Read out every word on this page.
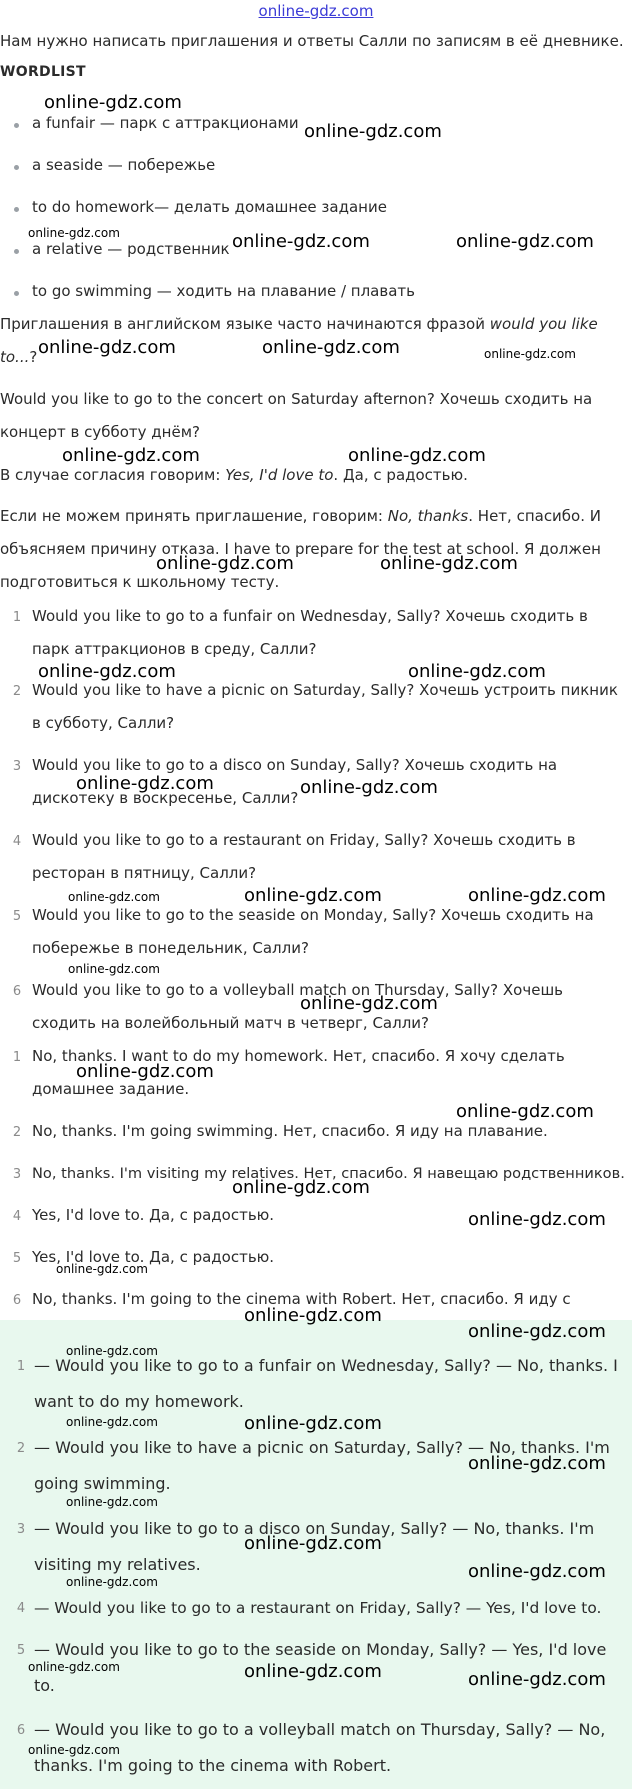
online-gdz.com
Нам нужно написать приглашения и ответы Салли по записям в её дневнике.
WORDLIST
a funfair — парк с аттракционами
a seaside — побережье
to do homework— делать домашнее задание
a relative — родственник
to go swimming — ходить на плавание / плавать
Приглашения в английском языке часто начинаются фразой would you like to...?
Would you like to go to the concert on Saturday afternon? Хочешь сходить на концерт в субботу днём?
В случае согласия говорим: Yes, I'd love to. Да, с радостью.
Если не можем принять приглашение, говорим: No, thanks. Нет, спасибо. И объясняем причину отказа. I have to prepare for the test at school. Я должен подготовиться к школьному тесту.
1 Would you like to go to a funfair on Wednesday, Sally? Хочешь сходить в парк аттракционов в среду, Салли?
2 Would you like to have a picnic on Saturday, Sally? Хочешь устроить пикник в субботу, Салли?
3 Would you like to go to a disco on Sunday, Sally? Хочешь сходить на дискотеку в воскресенье, Салли?
4 Would you like to go to a restaurant on Friday, Sally? Хочешь сходить в ресторан в пятницу, Салли?
5 Would you like to go to the seaside on Monday, Sally? Хочешь сходить на побережье в понедельник, Салли?
6 Would you like to go to a volleyball match on Thursday, Sally? Хочешь сходить на волейбольный матч в четверг, Салли?
1 No, thanks. I want to do my homework. Нет, спасибо. Я хочу сделать домашнее задание.
2 No, thanks. I'm going swimming. Нет, спасибо. Я иду на плавание.
3 No, thanks. I'm visiting my relatives. Нет, спасибо. Я навещаю родственников.
4 Yes, I'd love to. Да, с радостью.
5 Yes, I'd love to. Да, с радостью.
6 No, thanks. I'm going to the cinema with Robert. Нет, спасибо. Я иду с
1 — Would you like to go to a funfair on Wednesday, Sally? — No, thanks. I want to do my homework.
2 — Would you like to have a picnic on Saturday, Sally? — No, thanks. I'm going swimming.
3 — Would you like to go to a disco on Sunday, Sally? — No, thanks. I'm visiting my relatives.
4 — Would you like to go to a restaurant on Friday, Sally? — Yes, I'd love to.
5 — Would you like to go to the seaside on Monday, Sally? — Yes, I'd love to.
6 — Would you like to go to a volleyball match on Thursday, Sally? — No, thanks. I'm going to the cinema with Robert.
online-gdz.com
online-gdz.com
online-gdz.com	online-gdz.com	online-gdz.com
online-gdz.com	online-gdz.com	online-gdz.com
online-gdz.com	online-gdz.com
online-gdz.com	online-gdz.com
online-gdz.com	online-gdz.com
online-gdz.com	online-gdz.com
online-gdz.com	online-gdz.com
online-gdz.com
online-gdz.com
online-gdz.com
online-gdz.com
online-gdz.com
online-gdz.com
online-gdz.com
online-gdz.com
online-gdz.com
online-gdz.com
online-gdz.com
online-gdz.com	online-gdz.com
online-gdz.com
online-gdz.com
online-gdz.com
online-gdz.com
online-gdz.com
online-gdz.com	online-gdz.com	online-gdz.com
online-gdz.com
